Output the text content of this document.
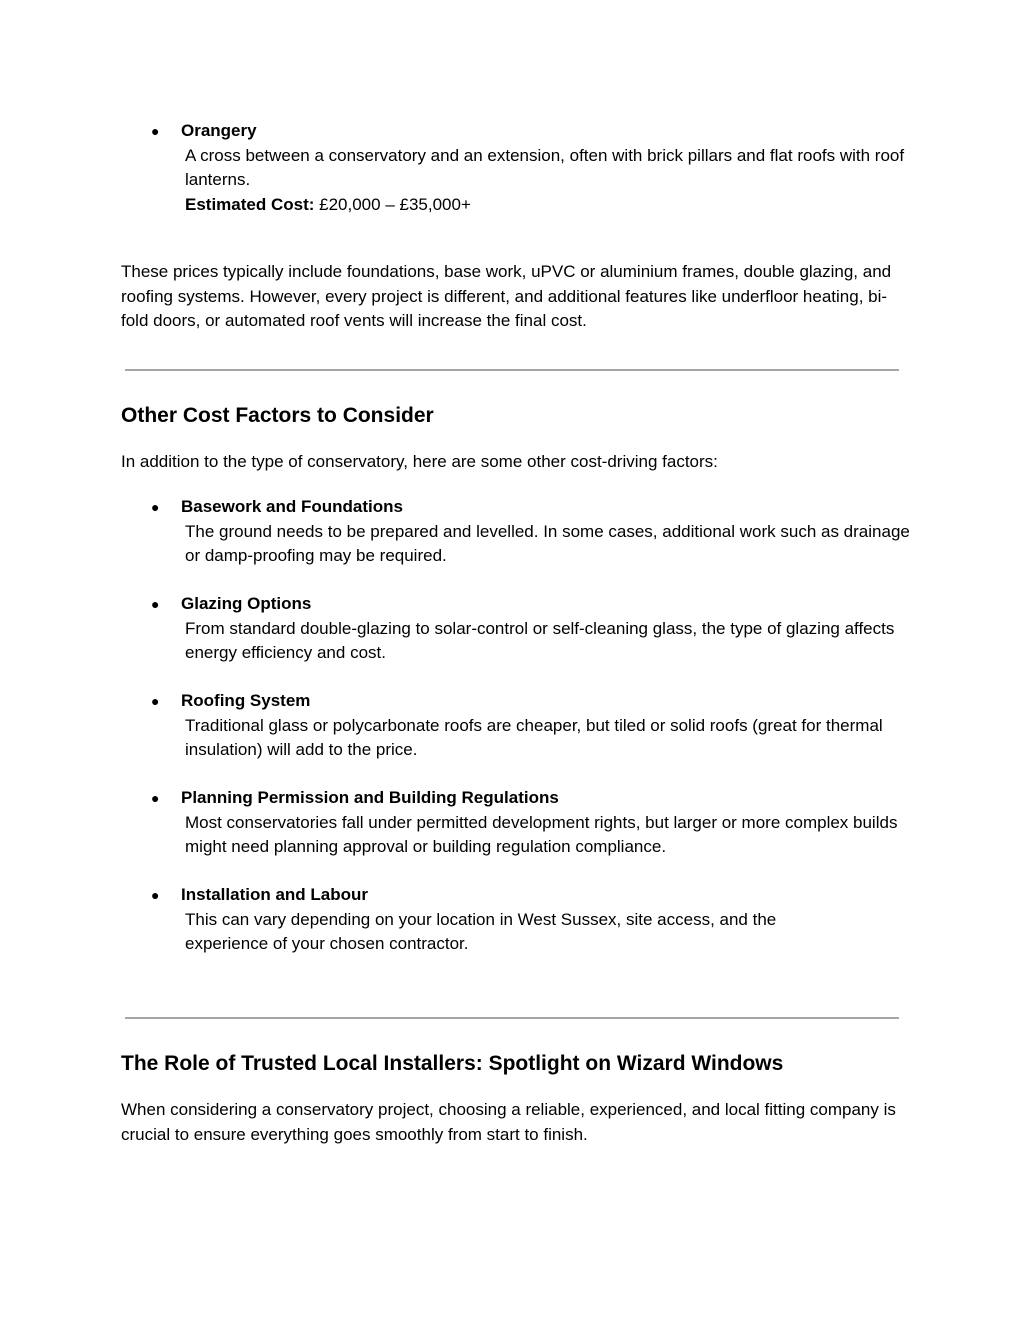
● Orangery
A cross between a conservatory and an extension, often with brick pillars and flat roofs with roof lanterns.
Estimated Cost: £20,000 – £35,000+

These prices typically include foundations, base work, uPVC or aluminium frames, double glazing, and roofing systems. However, every project is different, and additional features like underfloor heating, bi-fold doors, or automated roof vents will increase the final cost.

Other Cost Factors to Consider

In addition to the type of conservatory, here are some other cost-driving factors:

● Basework and Foundations
The ground needs to be prepared and levelled. In some cases, additional work such as drainage or damp-proofing may be required.
● Glazing Options
From standard double-glazing to solar-control or self-cleaning glass, the type of glazing affects energy efficiency and cost.
● Roofing System
Traditional glass or polycarbonate roofs are cheaper, but tiled or solid roofs (great for thermal insulation) will add to the price.
● Planning Permission and Building Regulations
Most conservatories fall under permitted development rights, but larger or more complex builds might need planning approval or building regulation compliance.
● Installation and Labour
This can vary depending on your location in West Sussex, site access, and the experience of your chosen contractor.
The Role of Trusted Local Installers: Spotlight on Wizard Windows

When considering a conservatory project, choosing a reliable, experienced, and local fitting company is crucial to ensure everything goes smoothly from start to finish.
